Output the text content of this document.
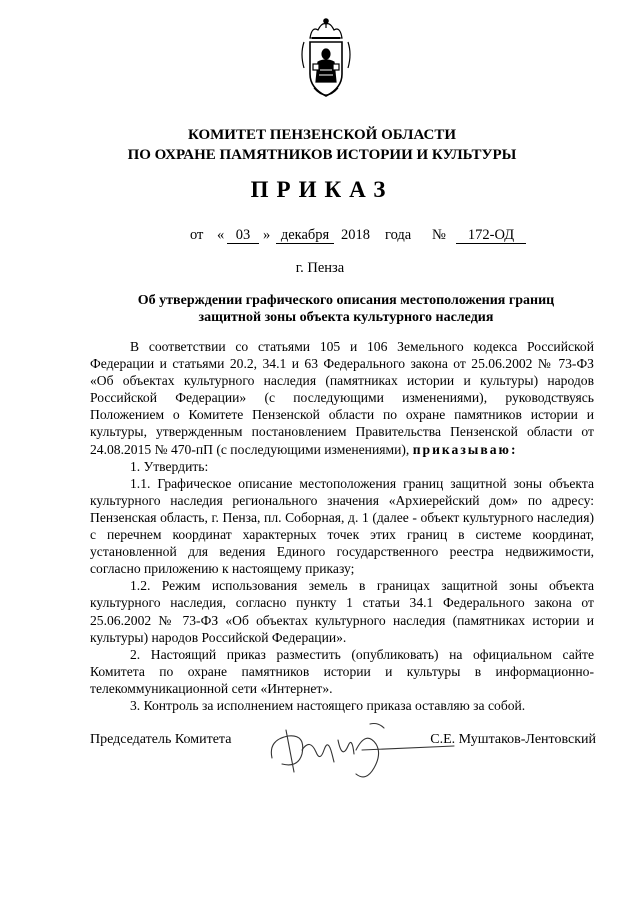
КОМИТЕТ ПЕНЗЕНСКОЙ ОБЛАСТИ
ПО ОХРАНЕ ПАМЯТНИКОВ ИСТОРИИ И КУЛЬТУРЫ
ПРИКАЗ
от « 03 » декабря 2018 года №	172-ОД
г. Пенза
Об утверждении графического описания местоположения границ
защитной зоны объекта культурного наследия

В соответствии со статьями 105 и 106 Земельного кодекса Российской Федерации и статьями 20.2, 34.1 и 63 Федерального закона от 25.06.2002 № 73-ФЗ «Об объектах культурного наследия (памятниках истории и культуры) народов Российской Федерации» (с последующими изменениями), руководствуясь Положением о Комитете Пензенской области по охране памятников истории и культуры, утвержденным постановлением Правительства Пензенской области от 24.08.2015 № 470-пП (с последующими изменениями), приказываю:

1. Утвердить:

1.1. Графическое описание местоположения границ защитной зоны объекта культурного наследия регионального значения «Архиерейский дом» по адресу: Пензенская область, г. Пенза, пл. Соборная, д. 1 (далее - объект культурного наследия) с перечнем координат характерных точек этих границ в системе координат, установленной для ведения Единого государственного реестра недвижимости, согласно приложению к настоящему приказу;

1.2. Режим использования земель в границах защитной зоны объекта культурного наследия, согласно пункту 1 статьи 34.1 Федерального закона от 25.06.2002 № 73-ФЗ «Об объектах культурного наследия (памятниках истории и культуры) народов Российской Федерации».

2. Настоящий приказ разместить (опубликовать) на официальном сайте Комитета по охране памятников истории и культуры в информационно-телекоммуникационной сети «Интернет».

3. Контроль за исполнением настоящего приказа оставляю за собой.

Председатель Комитета	С.Е. Муштаков-Лентовский
